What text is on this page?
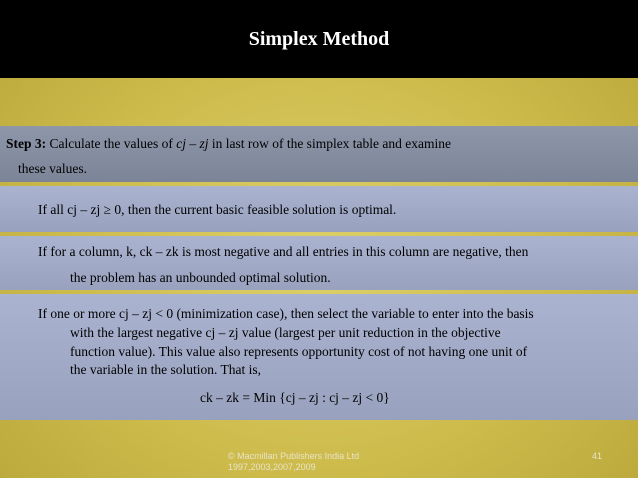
Simplex Method
Step 3: Calculate the values of cj – zj in last row of the simplex table and examine
these values.
If all cj – zj ≥ 0, then the current basic feasible solution is optimal.
If for a column, k, ck – zk is most negative and all entries in this column are negative, then
the problem has an unbounded optimal solution.
If one or more cj – zj < 0 (minimization case), then select the variable to enter into the basis
with the largest negative cj – zj value (largest per unit reduction in the objective
function value). This value also represents opportunity cost of not having one unit of
the variable in the solution. That is,
ck – zk = Min {cj – zj : cj – zj < 0}
© Macmillan Publishers India Ltd 1997,2003,2007,2009
41
